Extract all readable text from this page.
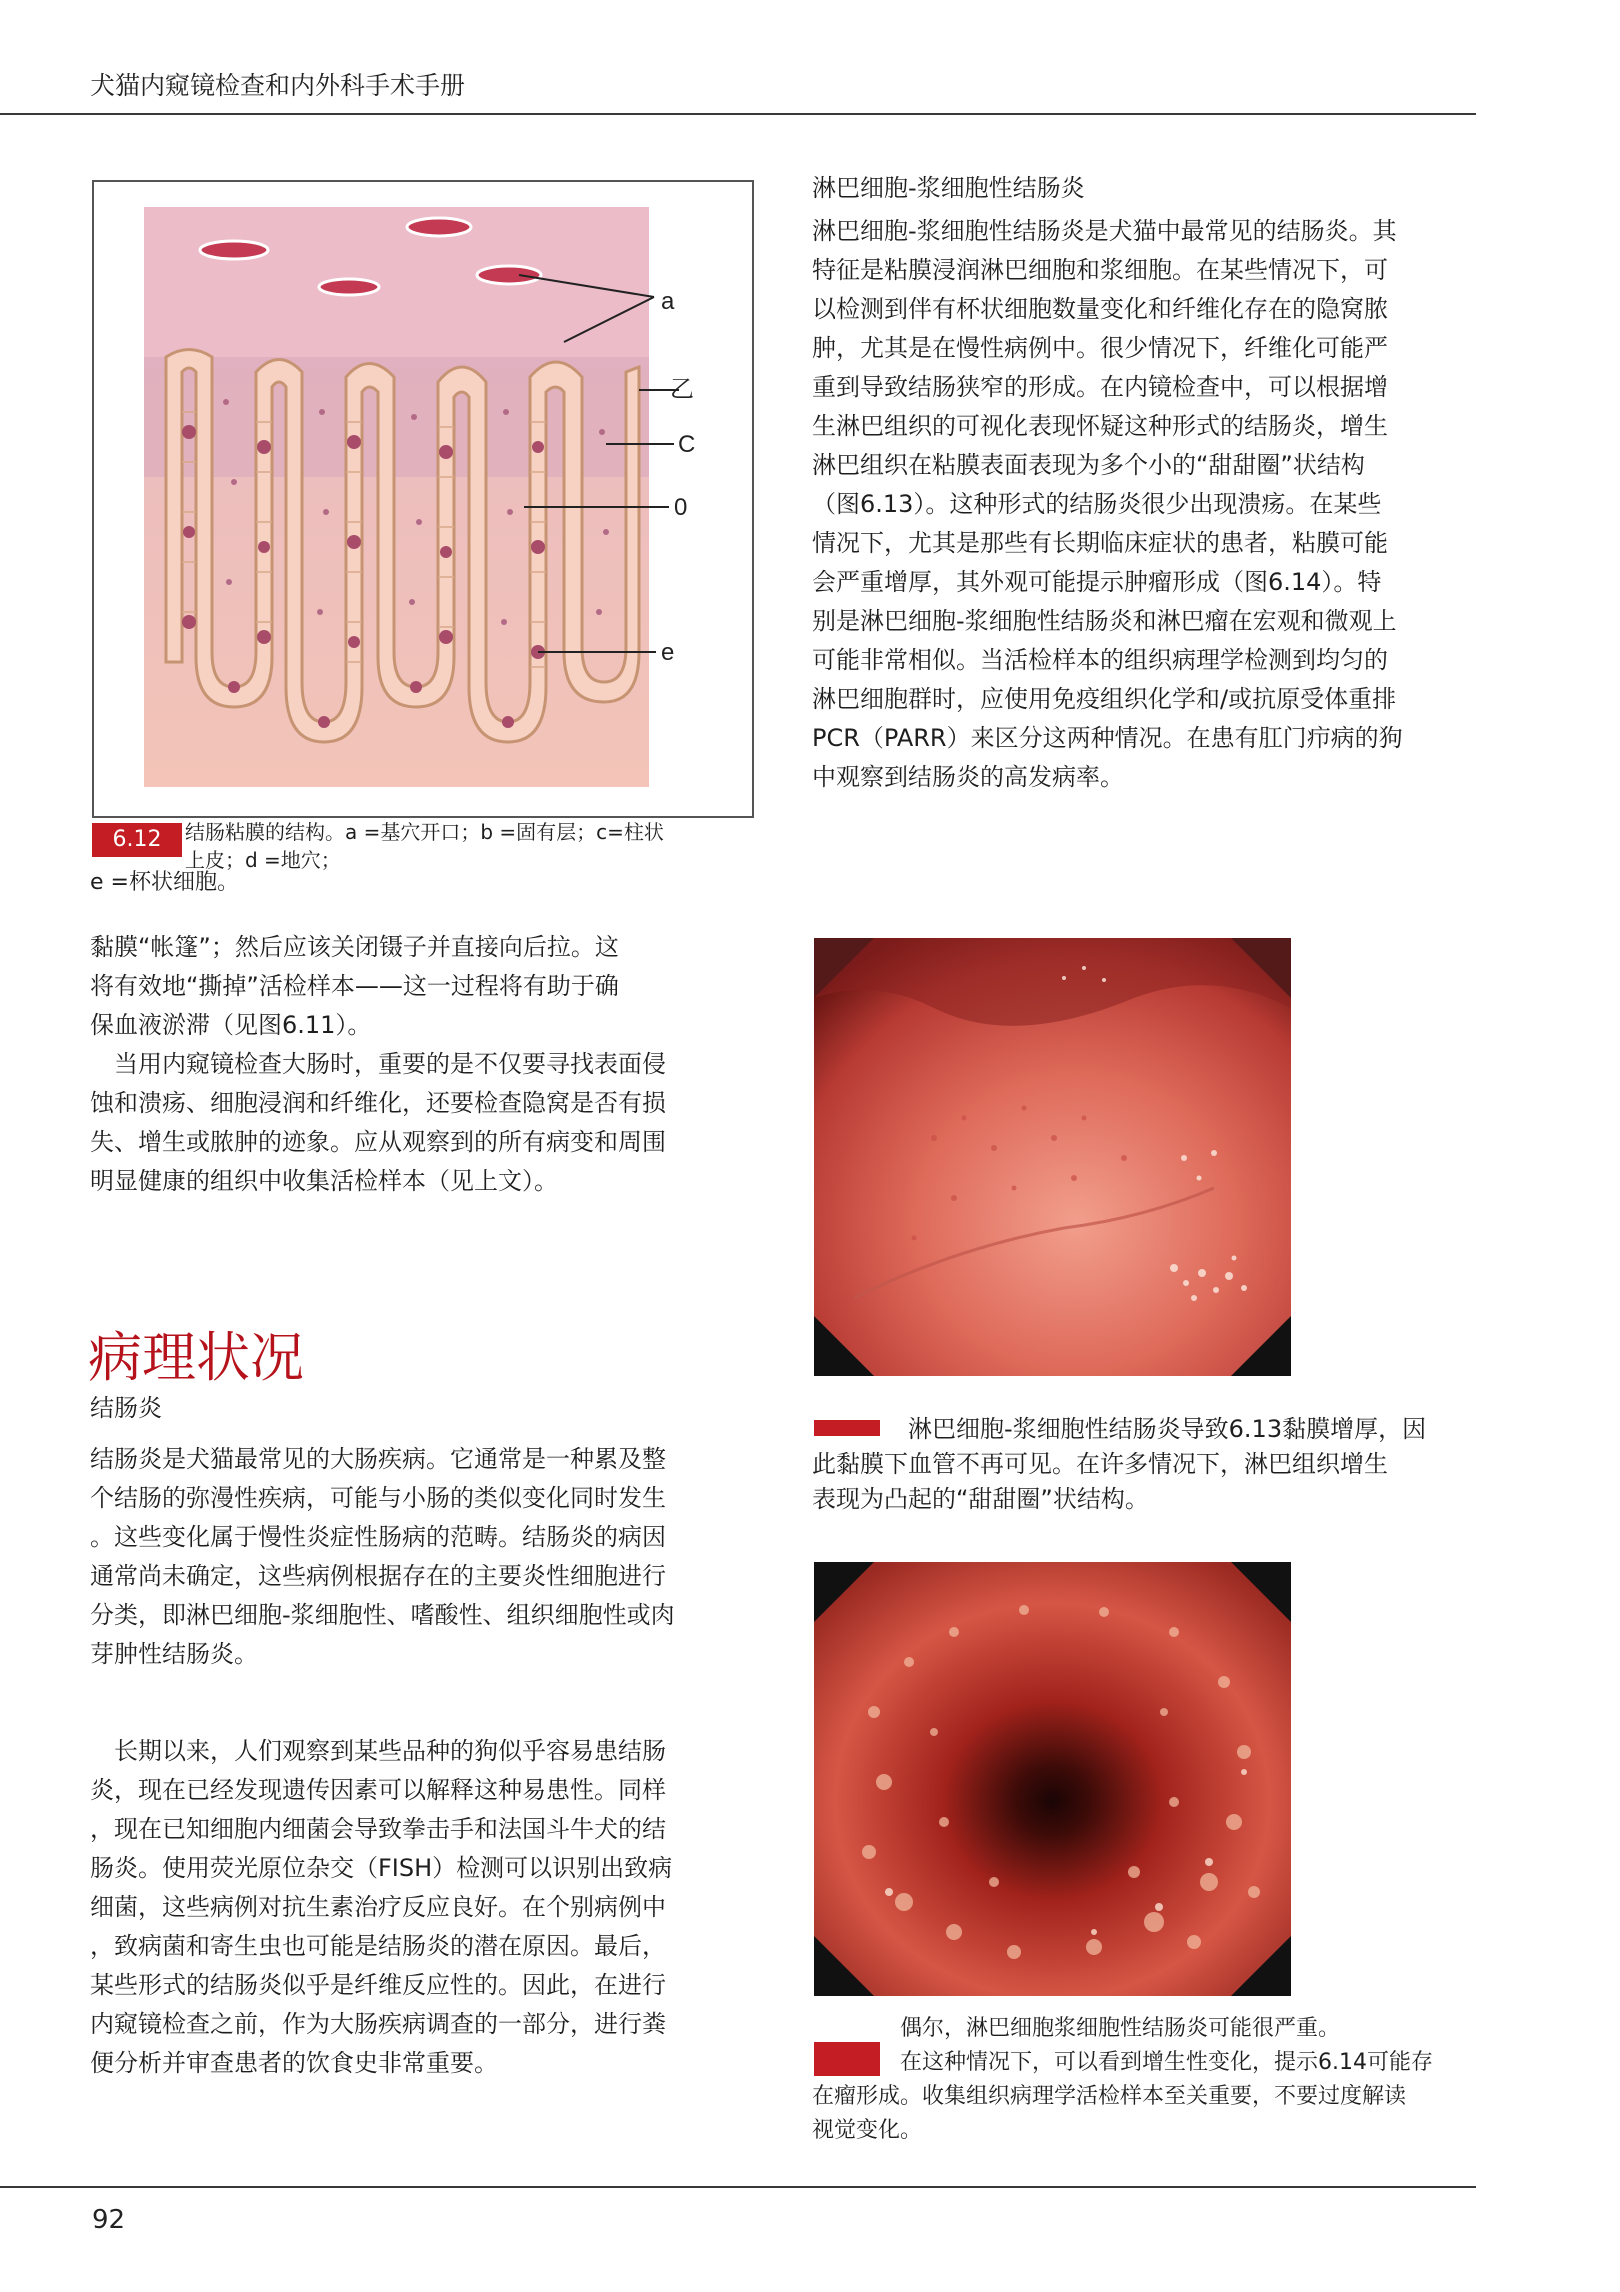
犬猫内窥镜检查和内外科手术手册
a
乙
C
0
e
6.12	结肠粘膜的结构。a =基穴开口；b =固有层；c=柱状
上皮；d =地穴；
e =杯状细胞。
黏膜“帐篷”；然后应该关闭镊子并直接向后拉。这
将有效地“撕掉”活检样本——这一过程将有助于确
保血液淤滞（见图6.11）。
　当用内窥镜检查大肠时，重要的是不仅要寻找表面侵
蚀和溃疡、细胞浸润和纤维化，还要检查隐窝是否有损
失、增生或脓肿的迹象。应从观察到的所有病变和周围
明显健康的组织中收集活检样本（见上文）。
病理状况
结肠炎
结肠炎是犬猫最常见的大肠疾病。它通常是一种累及整
个结肠的弥漫性疾病，可能与小肠的类似变化同时发生
。这些变化属于慢性炎症性肠病的范畴。结肠炎的病因
通常尚未确定，这些病例根据存在的主要炎性细胞进行
分类，即淋巴细胞-浆细胞性、嗜酸性、组织细胞性或肉
芽肿性结肠炎。
　长期以来，人们观察到某些品种的狗似乎容易患结肠
炎，现在已经发现遗传因素可以解释这种易患性。同样
，现在已知细胞内细菌会导致拳击手和法国斗牛犬的结
肠炎。使用荧光原位杂交（FISH）检测可以识别出致病
细菌，这些病例对抗生素治疗反应良好。在个别病例中
，致病菌和寄生虫也可能是结肠炎的潜在原因。最后，
某些形式的结肠炎似乎是纤维反应性的。因此，在进行
内窥镜检查之前，作为大肠疾病调查的一部分，进行粪
便分析并审查患者的饮食史非常重要。
淋巴细胞-浆细胞性结肠炎
淋巴细胞-浆细胞性结肠炎是犬猫中最常见的结肠炎。其
特征是粘膜浸润淋巴细胞和浆细胞。在某些情况下，可
以检测到伴有杯状细胞数量变化和纤维化存在的隐窝脓
肿，尤其是在慢性病例中。很少情况下，纤维化可能严
重到导致结肠狭窄的形成。在内镜检查中，可以根据增
生淋巴组织的可视化表现怀疑这种形式的结肠炎，增生
淋巴组织在粘膜表面表现为多个小的“甜甜圈”状结构
（图6.13）。这种形式的结肠炎很少出现溃疡。在某些
情况下，尤其是那些有长期临床症状的患者，粘膜可能
会严重增厚，其外观可能提示肿瘤形成（图6.14）。特
别是淋巴细胞-浆细胞性结肠炎和淋巴瘤在宏观和微观上
可能非常相似。当活检样本的组织病理学检测到均匀的
淋巴细胞群时，应使用免疫组织化学和/或抗原受体重排
PCR（PARR）来区分这两种情况。在患有肛门疖病的狗
中观察到结肠炎的高发病率。
　　　　淋巴细胞-浆细胞性结肠炎导致6.13黏膜增厚，因
此黏膜下血管不再可见。在许多情况下，淋巴组织增生
表现为凸起的“甜甜圈”状结构。
　　　　偶尔，淋巴细胞浆细胞性结肠炎可能很严重。
　　　　在这种情况下，可以看到增生性变化，提示6.14可能存
在瘤形成。收集组织病理学活检样本至关重要，不要过度解读
视觉变化。
92
